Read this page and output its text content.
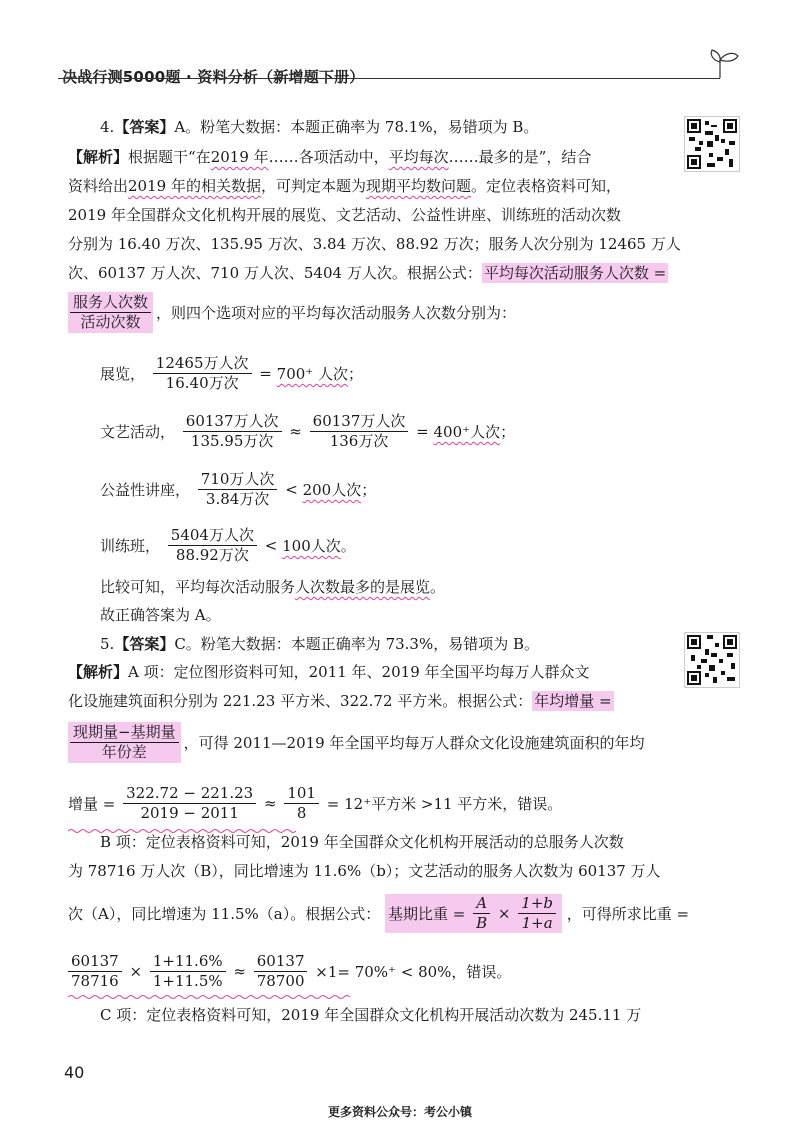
决战行测5000题 · 资料分析（新增题下册）
4.【答案】A。粉笔大数据：本题正确率为 78.1%，易错项为 B。
【解析】根据题干“在2019 年……各项活动中，平均每次……最多的是”，结合
资料给出2019 年的相关数据，可判定本题为现期平均数问题。定位表格资料可知，
2019 年全国群众文化机构开展的展览、文艺活动、公益性讲座、训练班的活动次数
分别为 16.40 万次、135.95 万次、3.84 万次、88.92 万次；服务人次分别为 12465 万人
次、60137 万人次、710 万人次、5404 万人次。根据公式： 平均每次活动服务人次数 =
$\frac{\text{服务人次数}}{\text{活动次数}}$ ，则四个选项对应的平均每次活动服务人次数分别为：
展览， $\frac{\text{12465万人次}}{\text{16.40万次}} = 700^+$ 人次；
文艺活动， $\frac{\text{60137万人次}}{\text{135.95万次}} \approx \frac{\text{60137万人次}}{\text{136万次}} = 400^+$人次；
公益性讲座， $\frac{\text{710万人次}}{\text{3.84万次}} < 200$人次；
训练班， $\frac{\text{5404万人次}}{\text{88.92万次}} < 100$人次。
比较可知，平均每次活动服务人次数最多的是展览。
故正确答案为 A。
5.【答案】C。粉笔大数据：本题正确率为 73.3%，易错项为 B。
【解析】A 项：定位图形资料可知，2011 年、2019 年全国平均每万人群众文
化设施建筑面积分别为 221.23 平方米、322.72 平方米。根据公式： 年均增量 =
$\frac{\text{现期量−基期量}}{\text{年份差}}$ ，可得 2011—2019 年全国平均每万人群众文化设施建筑面积的年均
增量 = $\frac{322.72 - 221.23}{2019 - 2011} \approx \frac{101}{8} = 12^+$平方米 >11 平方米，错误。
B 项：定位表格资料可知，2019 年全国群众文化机构开展活动的总服务人次数
为 78716 万人次（B），同比增速为 11.6%（b）；文艺活动的服务人次数为 60137 万人
次（A），同比增速为 11.5%（a）。根据公式： 基期比重 = $\frac{A}{B} \times \frac{1+b}{1+a}$ ，可得所求比重 =
$\frac{60137}{78716} \times \frac{1+11.6\%}{1+11.5\%} \approx \frac{60137}{78700} \times 1= 70\%^+ < 80\%$，错误。
C 项：定位表格资料可知，2019 年全国群众文化机构开展活动次数为 245.11 万
40
更多资料公众号：考公小镇
